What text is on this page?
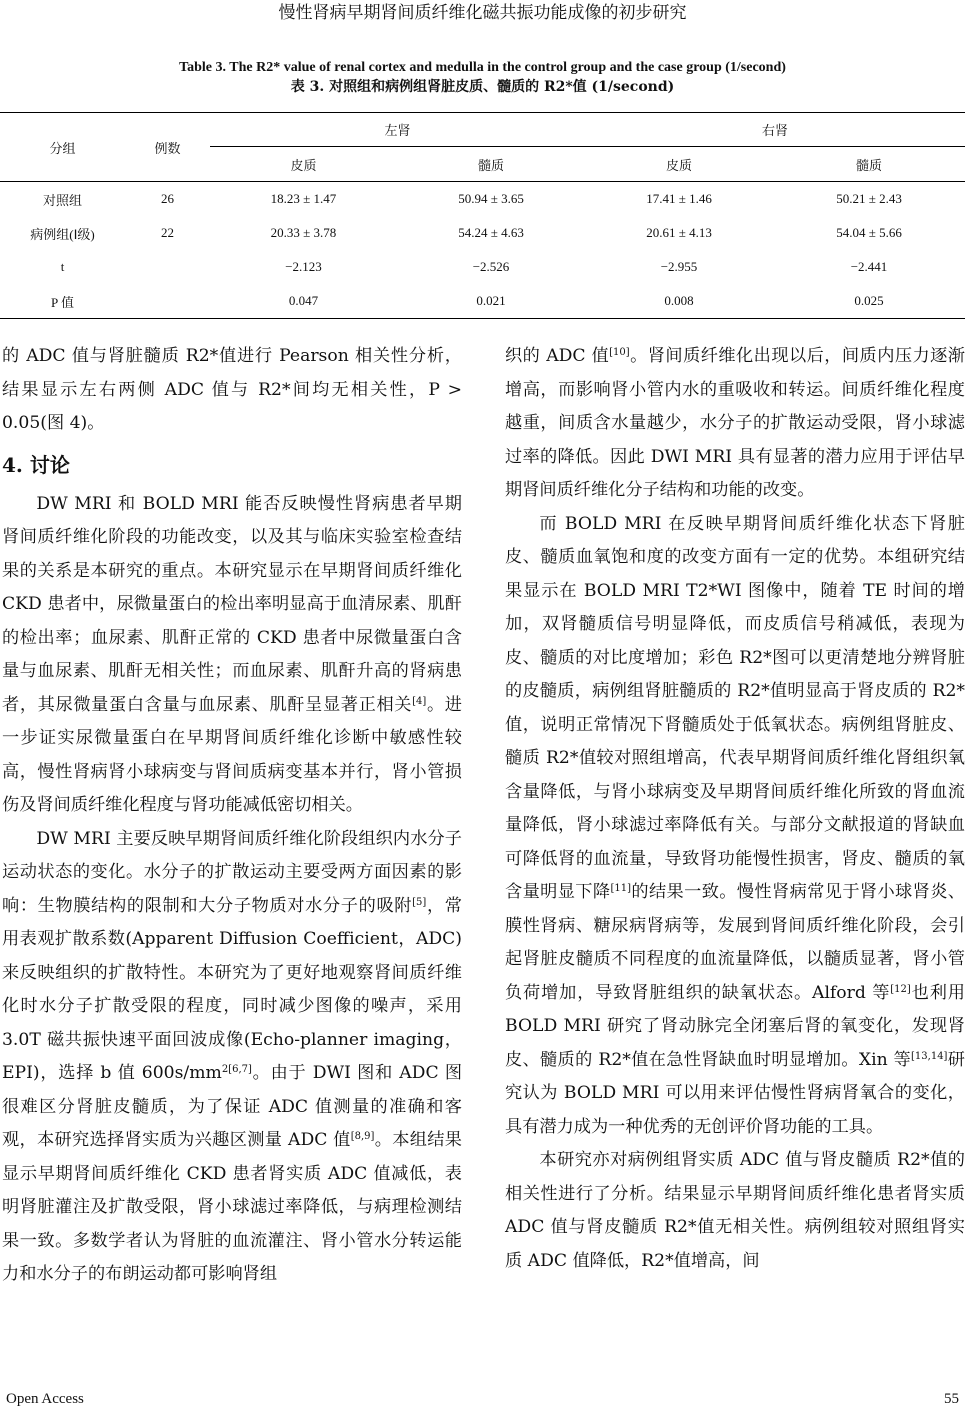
慢性肾病早期肾间质纤维化磁共振功能成像的初步研究
Table 3. The R2* value of renal cortex and medulla in the control group and the case group (1/second)
表 3. 对照组和病例组肾脏皮质、髓质的 R2*值 (1/second)
分组	例数	左肾		右肾	
		皮质	髓质	皮质	髓质
对照组	26	18.23 ± 1.47	50.94 ± 3.65	17.41 ± 1.46	50.21 ± 2.43
病例组(Ⅰ级)	22	20.33 ± 3.78	54.24 ± 4.63	20.61 ± 4.13	54.04 ± 5.66
t		−2.123	−2.526	−2.955	−2.441
P 值		0.047	0.021	0.008	0.025

的 ADC 值与肾脏髓质 R2*值进行 Pearson 相关性分析，结果显示左右两侧 ADC 值与 R2*间均无相关性，P > 0.05(图 4)。

4. 讨论

DW MRI 和 BOLD MRI 能否反映慢性肾病患者早期肾间质纤维化阶段的功能改变，以及其与临床实验室检查结果的关系是本研究的重点。本研究显示在早期肾间质纤维化 CKD 患者中，尿微量蛋白的检出率明显高于血清尿素、肌酐的检出率；血尿素、肌酐正常的 CKD 患者中尿微量蛋白含量与血尿素、肌酐无相关性；而血尿素、肌酐升高的肾病患者，其尿微量蛋白含量与血尿素、肌酐呈显著正相关[4]。进一步证实尿微量蛋白在早期肾间质纤维化诊断中敏感性较高，慢性肾病肾小球病变与肾间质病变基本并行，肾小管损伤及肾间质纤维化程度与肾功能减低密切相关。

DW MRI 主要反映早期肾间质纤维化阶段组织内水分子运动状态的变化。水分子的扩散运动主要受两方面因素的影响：生物膜结构的限制和大分子物质对水分子的吸附[5]，常用表观扩散系数(Apparent Diffusion Coefficient，ADC)来反映组织的扩散特性。本研究为了更好地观察肾间质纤维化时水分子扩散受限的程度，同时减少图像的噪声，采用 3.0T 磁共振快速平面回波成像(Echo-planner imaging，EPI)，选择 b 值 $600s/mm^{2[6,7]}$。由于 DWI 图和 ADC 图很难区分肾脏皮髓质，为了保证 ADC 值测量的准确和客观，本研究选择肾实质为兴趣区测量 ADC 值[8,9]。本组结果显示早期肾间质纤维化 CKD 患者肾实质 ADC 值减低，表明肾脏灌注及扩散受限，肾小球滤过率降低，与病理检测结果一致。多数学者认为肾脏的血流灌注、肾小管水分转运能力和水分子的布朗运动都可影响肾组

织的 ADC 值[10]。肾间质纤维化出现以后，间质内压力逐渐增高，而影响肾小管内水的重吸收和转运。间质纤维化程度越重，间质含水量越少，水分子的扩散运动受限，肾小球滤过率的降低。因此 DWI MRI 具有显著的潜力应用于评估早期肾间质纤维化分子结构和功能的改变。

而 BOLD MRI 在反映早期肾间质纤维化状态下肾脏皮、髓质血氧饱和度的改变方面有一定的优势。本组研究结果显示在 BOLD MRI T2*WI 图像中，随着 TE 时间的增加，双肾髓质信号明显降低，而皮质信号稍减低，表现为皮、髓质的对比度增加；彩色 R2*图可以更清楚地分辨肾脏的皮髓质，病例组肾脏髓质的 R2*值明显高于肾皮质的 R2*值，说明正常情况下肾髓质处于低氧状态。病例组肾脏皮、髓质 R2*值较对照组增高，代表早期肾间质纤维化肾组织氧含量降低，与肾小球病变及早期肾间质纤维化所致的肾血流量降低，肾小球滤过率降低有关。与部分文献报道的肾缺血可降低肾的血流量，导致肾功能慢性损害，肾皮、髓质的氧含量明显下降[11]的结果一致。慢性肾病常见于肾小球肾炎、膜性肾病、糖尿病肾病等，发展到肾间质纤维化阶段，会引起肾脏皮髓质不同程度的血流量降低，以髓质显著，肾小管负荷增加，导致肾脏组织的缺氧状态。Alford 等[12]也利用 BOLD MRI 研究了肾动脉完全闭塞后肾的氧变化，发现肾皮、髓质的 R2*值在急性肾缺血时明显增加。Xin 等[13,14]研究认为 BOLD MRI 可以用来评估慢性肾病肾氧合的变化，具有潜力成为一种优秀的无创评价肾功能的工具。

本研究亦对病例组肾实质 ADC 值与肾皮髓质 R2*值的相关性进行了分析。结果显示早期肾间质纤维化患者肾实质 ADC 值与肾皮髓质 R2*值无相关性。病例组较对照组肾实质 ADC 值降低，R2*值增高，间

Open Access	55
